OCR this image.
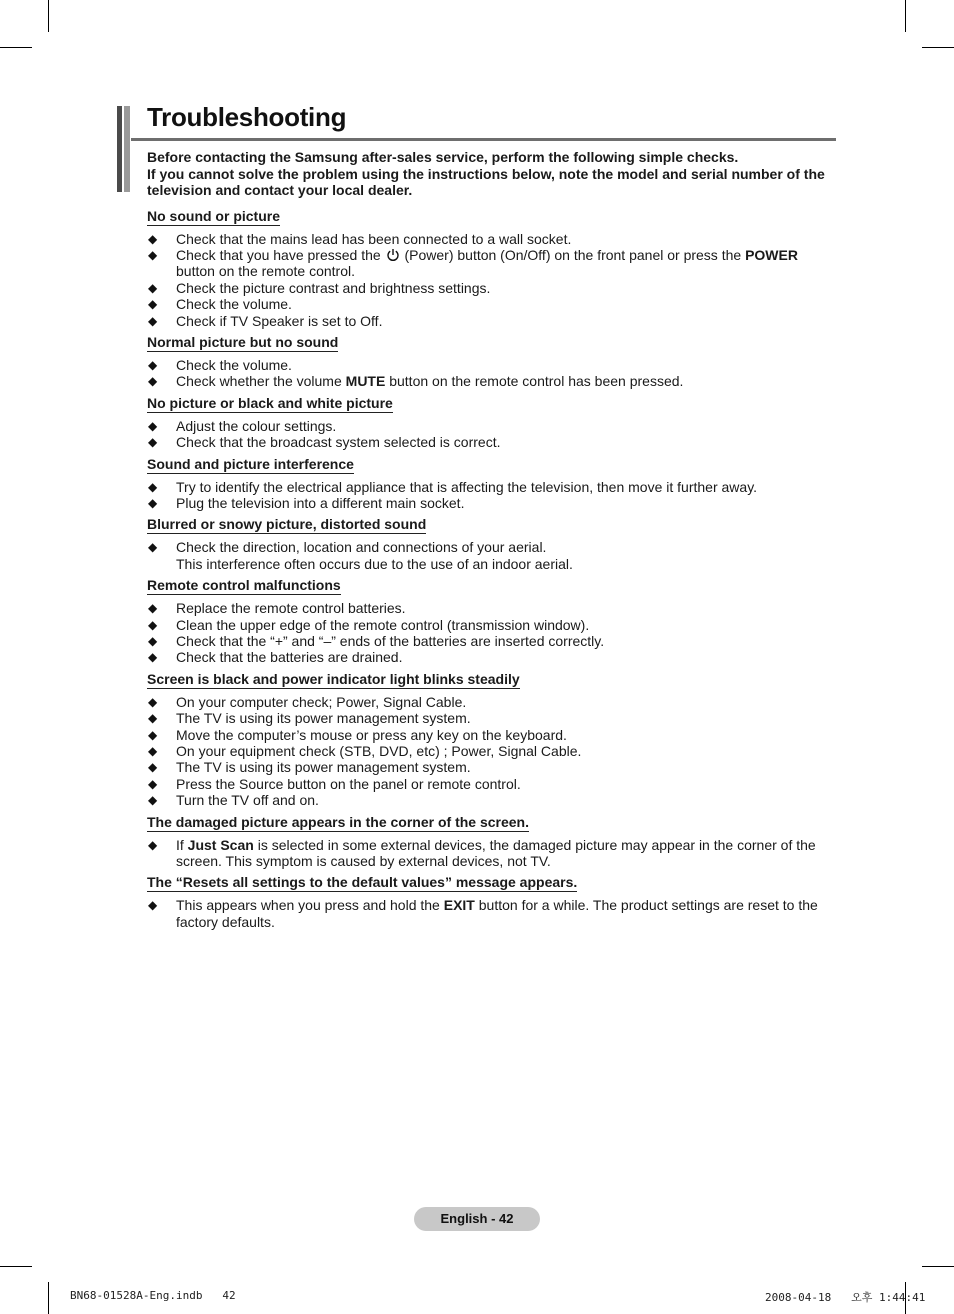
Troubleshooting

Before contacting the Samsung after-sales service, perform the following simple checks.

If you cannot solve the problem using the instructions below, note the model and serial number of the television and contact your local dealer.

No sound or picture
◆ Check that the mains lead has been connected to a wall socket.
◆ Check that you have pressed the (Power) button (On/Off) on the front panel or press the POWER button on the remote control.
◆ Check the picture contrast and brightness settings.
◆ Check the volume.
◆ Check if TV Speaker is set to Off.
Normal picture but no sound
◆ Check the volume.
◆ Check whether the volume MUTE button on the remote control has been pressed.
No picture or black and white picture
◆ Adjust the colour settings.
◆ Check that the broadcast system selected is correct.
Sound and picture interference
◆ Try to identify the electrical appliance that is affecting the television, then move it further away.
◆ Plug the television into a different main socket.
Blurred or snowy picture, distorted sound
◆ Check the direction, location and connections of your aerial.
This interference often occurs due to the use of an indoor aerial.
Remote control malfunctions
◆ Replace the remote control batteries.
◆ Clean the upper edge of the remote control (transmission window).
◆ Check that the “+” and “–” ends of the batteries are inserted correctly.
◆ Check that the batteries are drained.
Screen is black and power indicator light blinks steadily
◆ On your computer check; Power, Signal Cable.
◆ The TV is using its power management system.
◆ Move the computer’s mouse or press any key on the keyboard.
◆ On your equipment check (STB, DVD, etc) ; Power, Signal Cable.
◆ The TV is using its power management system.
◆ Press the Source button on the panel or remote control.
◆ Turn the TV off and on.
The damaged picture appears in the corner of the screen.
◆ If Just Scan is selected in some external devices, the damaged picture may appear in the corner of the screen. This symptom is caused by external devices, not TV.
The “Resets all settings to the default values” message appears.
◆ This appears when you press and hold the EXIT button for a while. The product settings are reset to the factory defaults.
English - 42
BN68-01528A-Eng.indb   42	2008-04-18   오후 1:44:41
